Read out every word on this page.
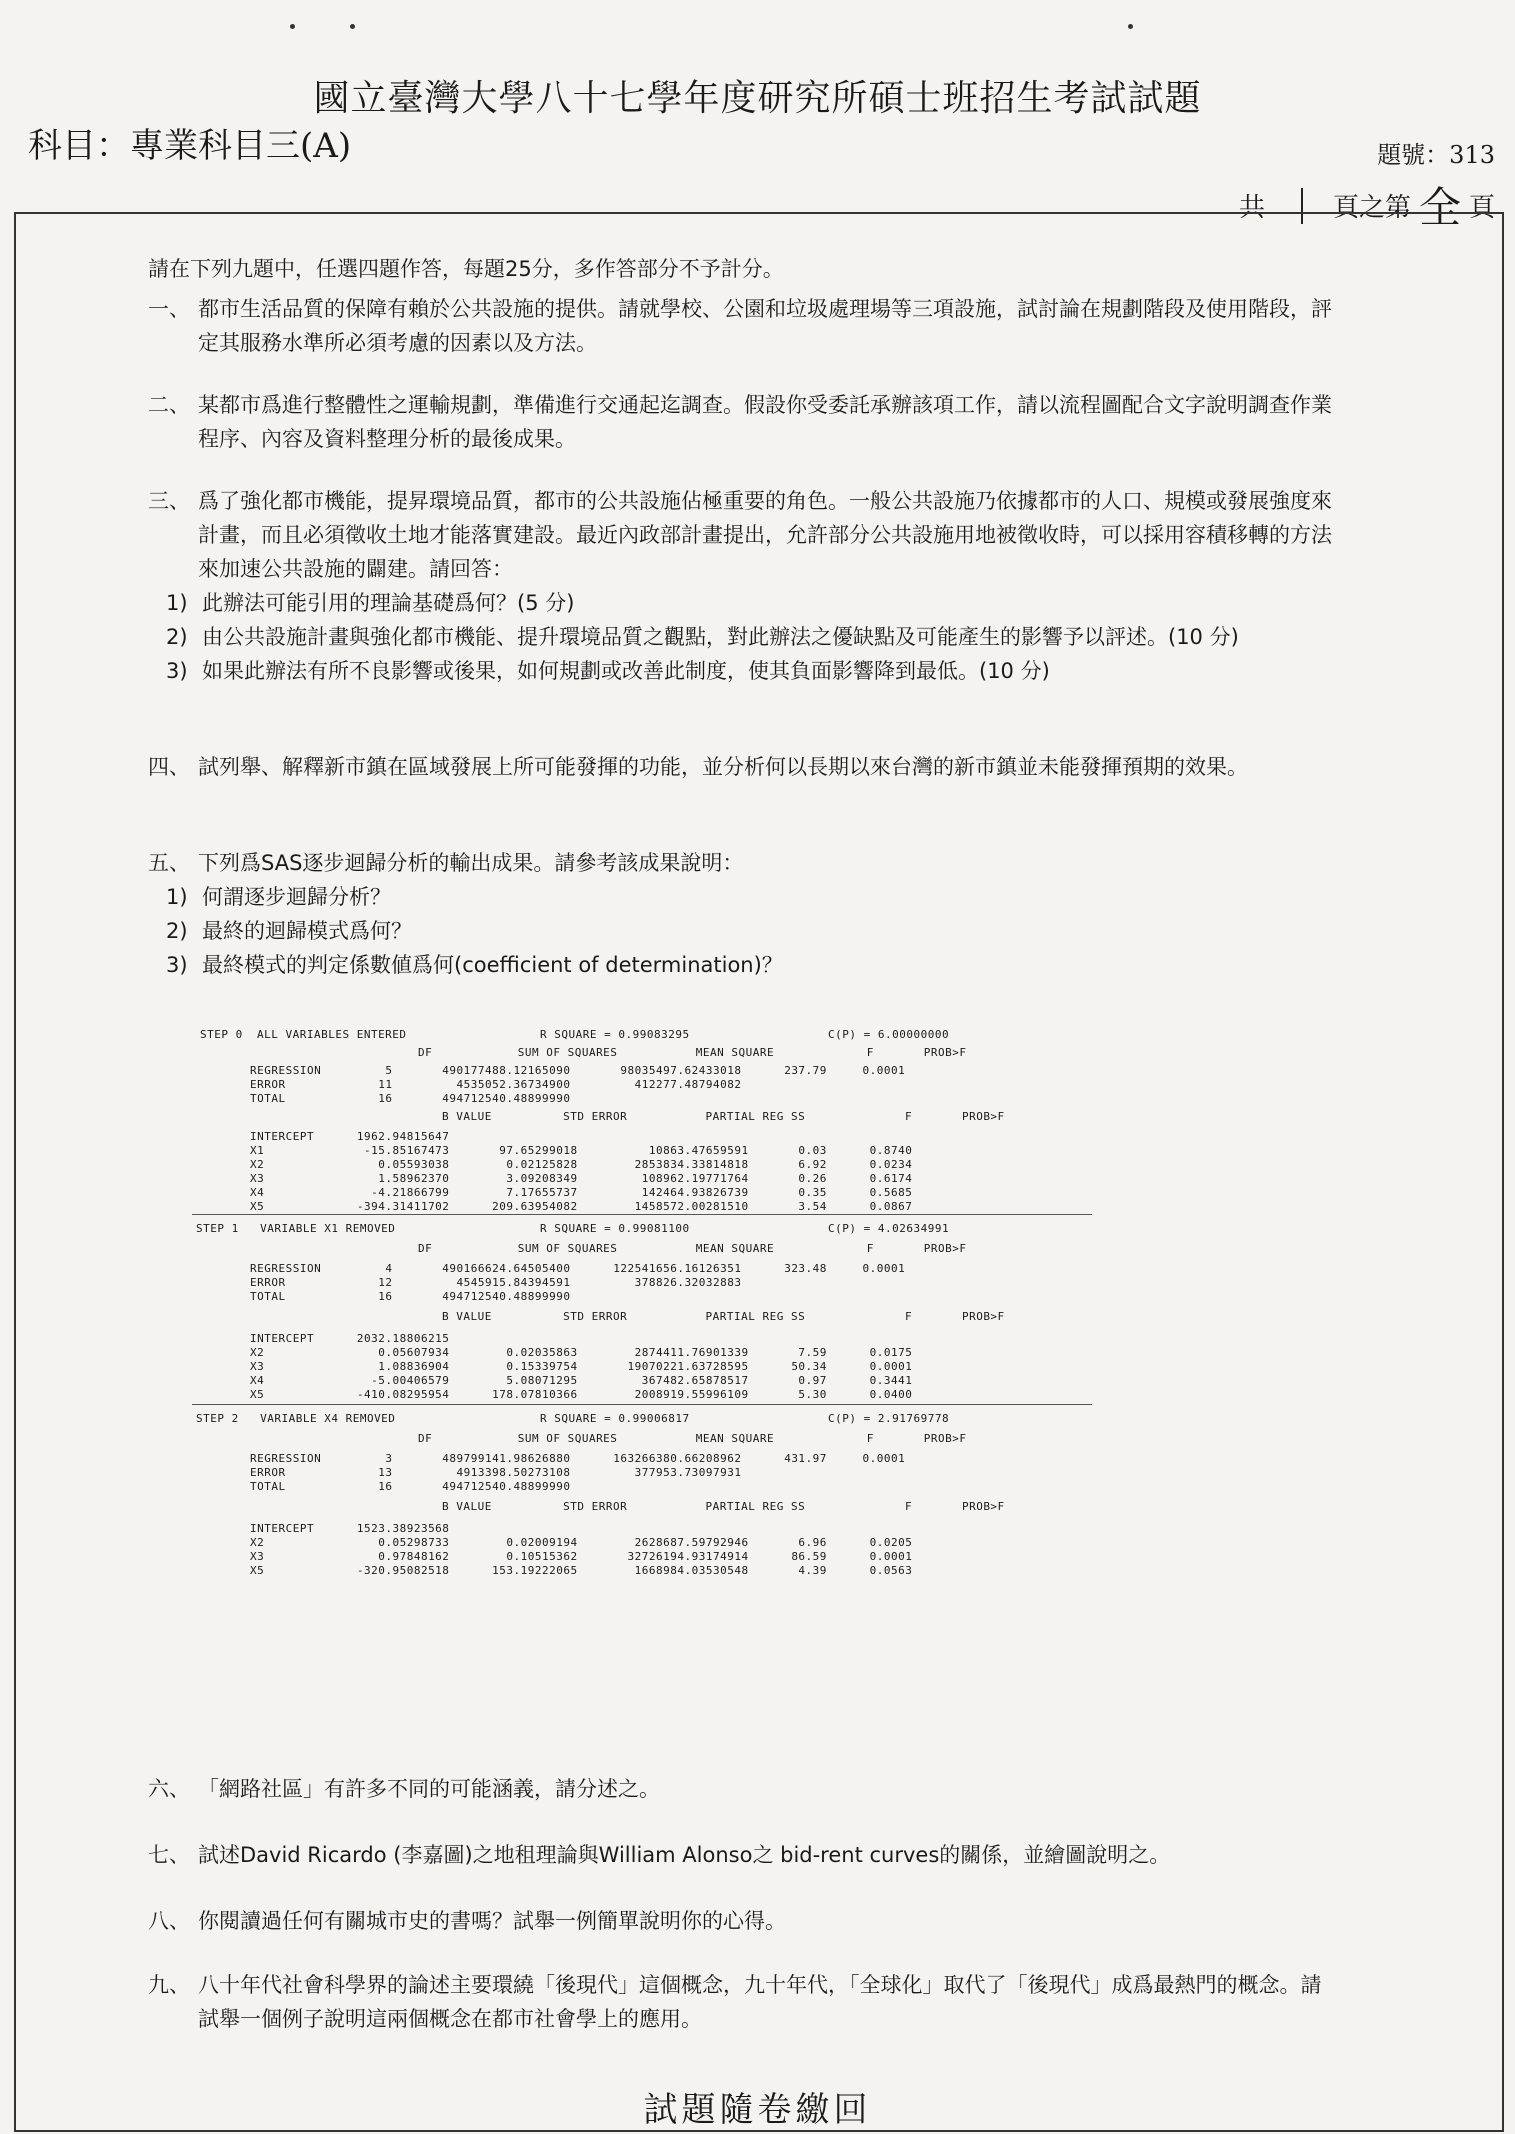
國立臺灣大學八十七學年度研究所碩士班招生考試試題
科目：專業科目三(A)	題號：313
共	頁之第 全 頁
請在下列九題中，任選四題作答，每題25分，多作答部分不予計分。
一、 都市生活品質的保障有賴於公共設施的提供。請就學校、公園和垃圾處理場等三項設施，試討論在規劃階段及使用階段，評定其服務水準所必須考慮的因素以及方法。
二、 某都市爲進行整體性之運輸規劃，準備進行交通起迄調查。假設你受委託承辦該項工作，請以流程圖配合文字說明調查作業程序、內容及資料整理分析的最後成果。
三、 爲了強化都市機能，提昇環境品質，都市的公共設施佔極重要的角色。一般公共設施乃依據都市的人口、規模或發展強度來計畫，而且必須徵收土地才能落實建設。最近內政部計畫提出，允許部分公共設施用地被徵收時，可以採用容積移轉的方法來加速公共設施的闢建。請回答：
1) 此辦法可能引用的理論基礎爲何？(5 分)
2) 由公共設施計畫與強化都市機能、提升環境品質之觀點，對此辦法之優缺點及可能產生的影響予以評述。(10 分)
3) 如果此辦法有所不良影響或後果，如何規劃或改善此制度，使其負面影響降到最低。(10 分)
四、 試列舉、解釋新市鎮在區域發展上所可能發揮的功能，並分析何以長期以來台灣的新市鎮並未能發揮預期的效果。
五、 下列爲SAS逐步迴歸分析的輸出成果。請參考該成果說明：
1) 何謂逐步迴歸分析？
2) 最終的迴歸模式爲何？
3) 最終模式的判定係數値爲何(coefficient of determination)？
STEP 0  ALL VARIABLES ENTERED	R SQUARE = 0.99083295	C(P) = 6.00000000
DF            SUM OF SQUARES           MEAN SQUARE             F       PROB>F
REGRESSION         5       490177488.12165090       98035497.62433018      237.79     0.0001
ERROR             11         4535052.36734900         412277.48794082
TOTAL             16       494712540.48899990
B VALUE          STD ERROR           PARTIAL REG SS              F       PROB>F
INTERCEPT      1962.94815647
X1              -15.85167473       97.65299018          10863.47659591       0.03      0.8740
X2                0.05593038        0.02125828        2853834.33814818       6.92      0.0234
X3                1.58962370        3.09208349         108962.19771764       0.26      0.6174
X4               -4.21866799        7.17655737         142464.93826739       0.35      0.5685
X5             -394.31411702      209.63954082        1458572.00281510       3.54      0.0867
STEP 1   VARIABLE X1 REMOVED	R SQUARE = 0.99081100	C(P) = 4.02634991
DF            SUM OF SQUARES           MEAN SQUARE             F       PROB>F
REGRESSION         4       490166624.64505400      122541656.16126351      323.48     0.0001
ERROR             12         4545915.84394591         378826.32032883
TOTAL             16       494712540.48899990
B VALUE          STD ERROR           PARTIAL REG SS              F       PROB>F
INTERCEPT      2032.18806215
X2                0.05607934        0.02035863        2874411.76901339       7.59      0.0175
X3                1.08836904        0.15339754       19070221.63728595      50.34      0.0001
X4               -5.00406579        5.08071295         367482.65878517       0.97      0.3441
X5             -410.08295954      178.07810366        2008919.55996109       5.30      0.0400
STEP 2   VARIABLE X4 REMOVED	R SQUARE = 0.99006817	C(P) = 2.91769778
DF            SUM OF SQUARES           MEAN SQUARE             F       PROB>F
REGRESSION         3       489799141.98626880      163266380.66208962      431.97     0.0001
ERROR             13         4913398.50273108         377953.73097931
TOTAL             16       494712540.48899990
B VALUE          STD ERROR           PARTIAL REG SS              F       PROB>F
INTERCEPT      1523.38923568
X2                0.05298733        0.02009194        2628687.59792946       6.96      0.0205
X3                0.97848162        0.10515362       32726194.93174914      86.59      0.0001
X5             -320.95082518      153.19222065        1668984.03530548       4.39      0.0563
六、 「網路社區」有許多不同的可能涵義，請分述之。
七、 試述David Ricardo (李嘉圖)之地租理論與William Alonso之 bid-rent curves的關係，並繪圖說明之。
八、 你閱讀過任何有關城市史的書嗎？試舉一例簡單說明你的心得。
九、 八十年代社會科學界的論述主要環繞「後現代」這個概念，九十年代，「全球化」取代了「後現代」成爲最熱門的概念。請試舉一個例子說明這兩個概念在都市社會學上的應用。
試題隨卷繳回
